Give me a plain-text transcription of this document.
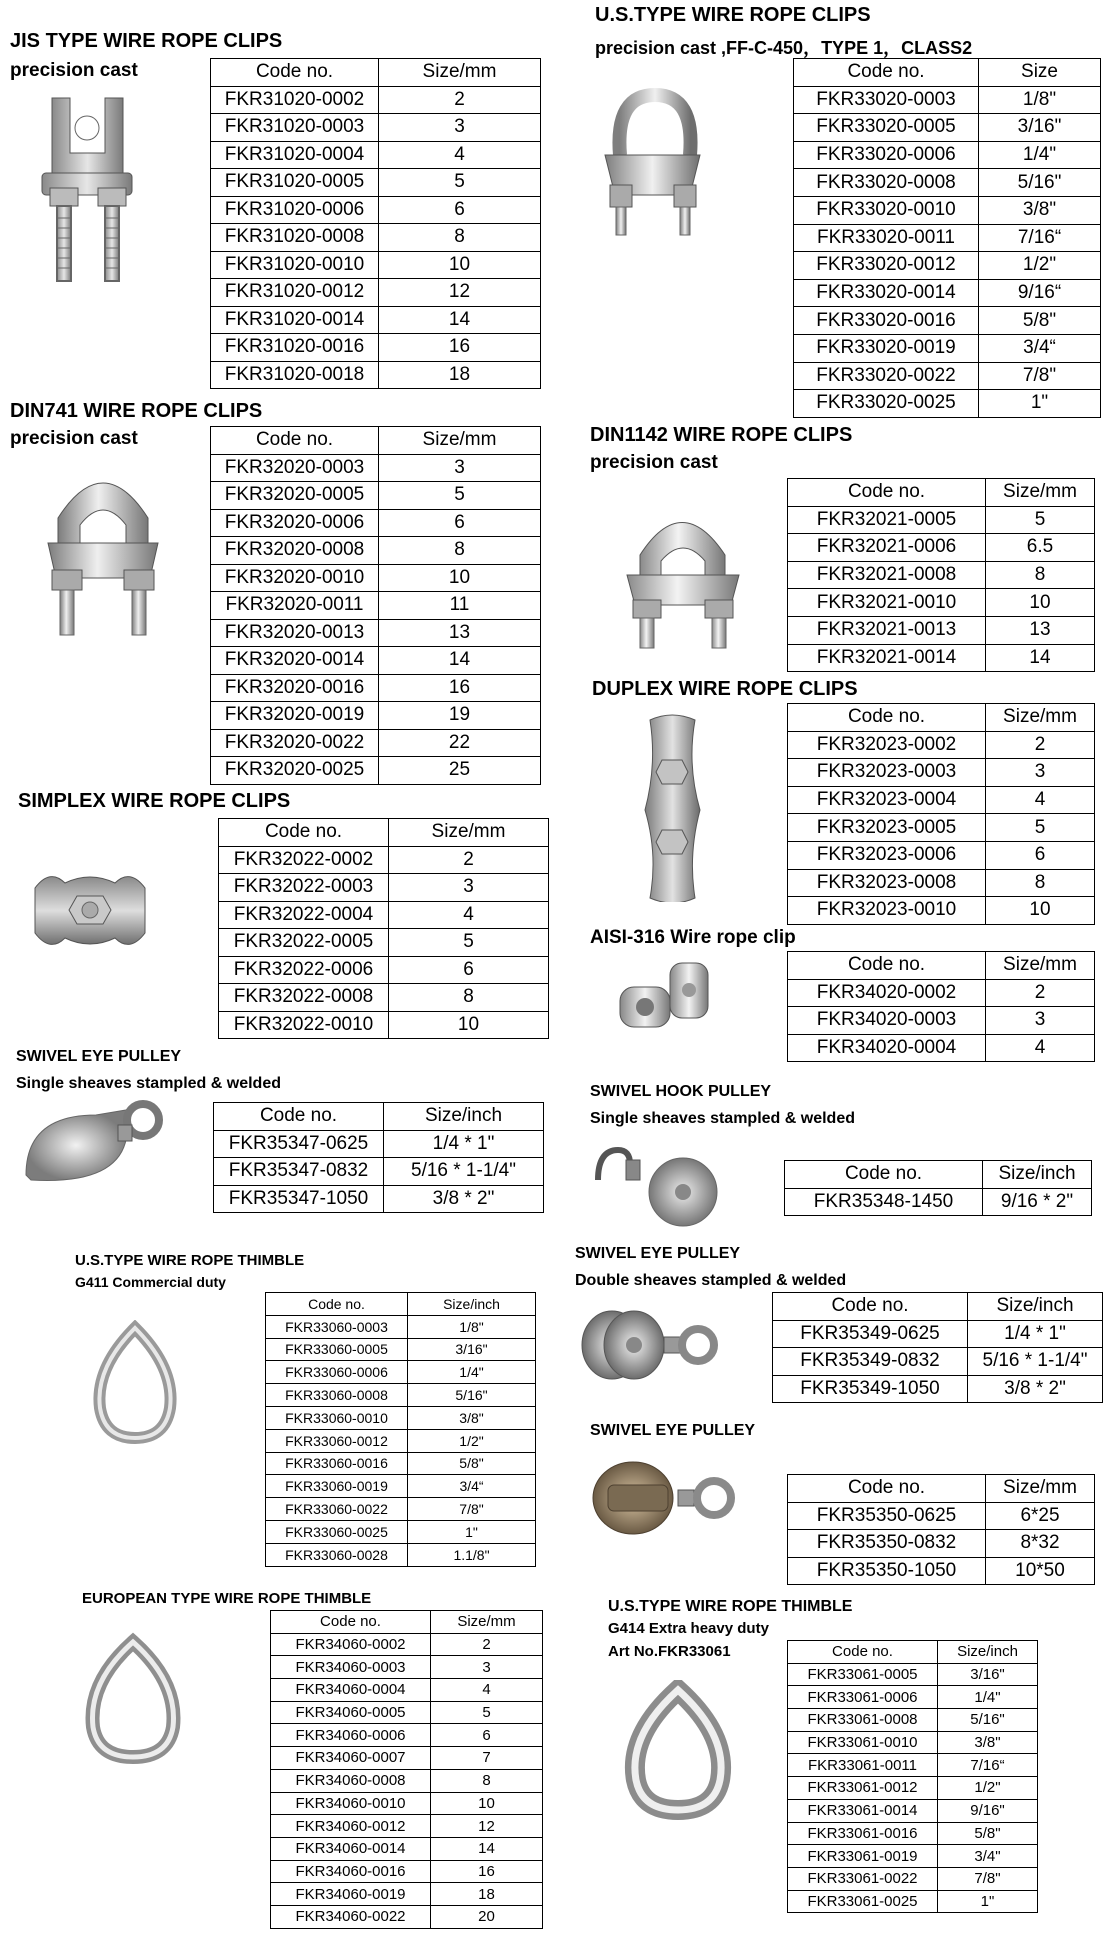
JIS TYPE WIRE ROPE CLIPS
precision cast	Code no.	Size/mm
FKR31020-0002	2
FKR31020-0003	3
FKR31020-0004	4
FKR31020-0005	5
FKR31020-0006	6
FKR31020-0008	8
FKR31020-0010	10
FKR31020-0012	12
FKR31020-0014	14
FKR31020-0016	16
FKR31020-0018	18
DIN741 WIRE ROPE CLIPS
precision cast	Code no.	Size/mm
FKR32020-0003	3
FKR32020-0005	5
FKR32020-0006	6
FKR32020-0008	8
FKR32020-0010	10
FKR32020-0011	11
FKR32020-0013	13
FKR32020-0014	14
FKR32020-0016	16
FKR32020-0019	19
FKR32020-0022	22
FKR32020-0025	25
SIMPLEX WIRE ROPE CLIPS
Code no.	Size/mm
FKR32022-0002	2
FKR32022-0003	3
FKR32022-0004	4
FKR32022-0005	5
FKR32022-0006	6
FKR32022-0008	8
FKR32022-0010	10
SWIVEL EYE PULLEY
Single sheaves stampled & welded
Code no.	Size/inch
FKR35347-0625	1/4 * 1"
FKR35347-0832	5/16 * 1-1/4"
FKR35347-1050	3/8 * 2"
U.S.TYPE WIRE ROPE THIMBLE
G411 Commercial duty
Code no.	Size/inch
FKR33060-0003	1/8"
FKR33060-0005	3/16"
FKR33060-0006	1/4"
FKR33060-0008	5/16"
FKR33060-0010	3/8"
FKR33060-0012	1/2"
FKR33060-0016	5/8"
FKR33060-0019	3/4“
FKR33060-0022	7/8"
FKR33060-0025	1"
FKR33060-0028	1.1/8"
EUROPEAN TYPE WIRE ROPE THIMBLE
Code no.	Size/mm
FKR34060-0002	2
FKR34060-0003	3
FKR34060-0004	4
FKR34060-0005	5
FKR34060-0006	6
FKR34060-0007	7
FKR34060-0008	8
FKR34060-0010	10
FKR34060-0012	12
FKR34060-0014	14
FKR34060-0016	16
FKR34060-0019	18
FKR34060-0022	20
U.S.TYPE WIRE ROPE CLIPS
precision cast ,FF-C-450，TYPE 1，CLASS2
Code no.	Size
FKR33020-0003	1/8"
FKR33020-0005	3/16"
FKR33020-0006	1/4"
FKR33020-0008	5/16"
FKR33020-0010	3/8"
FKR33020-0011	7/16“
FKR33020-0012	1/2"
FKR33020-0014	9/16“
FKR33020-0016	5/8"
FKR33020-0019	3/4“
FKR33020-0022	7/8"
FKR33020-0025	1"
DIN1142 WIRE ROPE CLIPS
precision cast
Code no.	Size/mm
FKR32021-0005	5
FKR32021-0006	6.5
FKR32021-0008	8
FKR32021-0010	10
FKR32021-0013	13
FKR32021-0014	14
DUPLEX WIRE ROPE CLIPS
Code no.	Size/mm
FKR32023-0002	2
FKR32023-0003	3
FKR32023-0004	4
FKR32023-0005	5
FKR32023-0006	6
FKR32023-0008	8
FKR32023-0010	10
AISI-316 Wire rope clip
Code no.	Size/mm
FKR34020-0002	2
FKR34020-0003	3
FKR34020-0004	4
SWIVEL HOOK PULLEY
Single sheaves stampled & welded
Code no.	Size/inch
FKR35348-1450	9/16 * 2"
SWIVEL EYE PULLEY
Double sheaves stampled & welded
Code no.	Size/inch
FKR35349-0625	1/4 * 1"
FKR35349-0832	5/16 * 1-1/4"
FKR35349-1050	3/8 * 2"
SWIVEL EYE PULLEY
Code no.	Size/mm
FKR35350-0625	6*25
FKR35350-0832	8*32
FKR35350-1050	10*50
U.S.TYPE WIRE ROPE THIMBLE
G414 Extra heavy duty
Art No.FKR33061	Code no.	Size/inch
FKR33061-0005	3/16"
FKR33061-0006	1/4"
FKR33061-0008	5/16"
FKR33061-0010	3/8"
FKR33061-0011	7/16“
FKR33061-0012	1/2"
FKR33061-0014	9/16"
FKR33061-0016	5/8"
FKR33061-0019	3/4"
FKR33061-0022	7/8"
FKR33061-0025	1"
